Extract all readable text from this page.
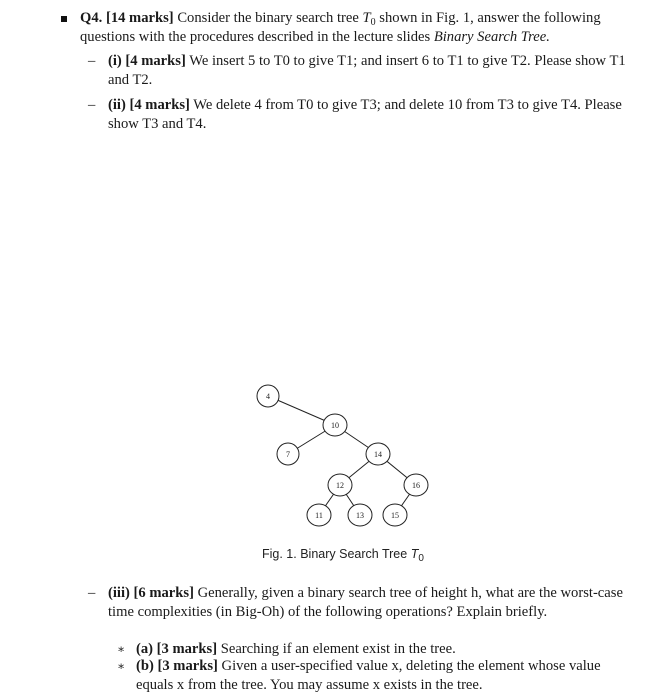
Q4. [14 marks] Consider the binary search tree $T_0$ shown in Fig. 1, answer the following
questions with the procedures described in the lecture slides Binary Search Tree.
– (i) [4 marks] We insert 5 to T0 to give T1; and insert 6 to T1 to give T2. Please show T1 and T2.
– (ii) [4 marks] We delete 4 from T0 to give T3; and delete 10 from T3 to give T4. Please show T3 and T4.
4
10
7	14
12	16
11	13	15
Fig. 1. Binary Search Tree $T_0$
– (iii) [6 marks] Generally, given a binary search tree of height h, what are the worst-case time complexities (in Big-Oh) of the following operations? Explain briefly.
∗ (a) [3 marks] Searching if an element exist in the tree.
∗ (b) [3 marks] Given a user-specified value x, deleting the element whose value equals x from the tree. You may assume x exists in the tree.
